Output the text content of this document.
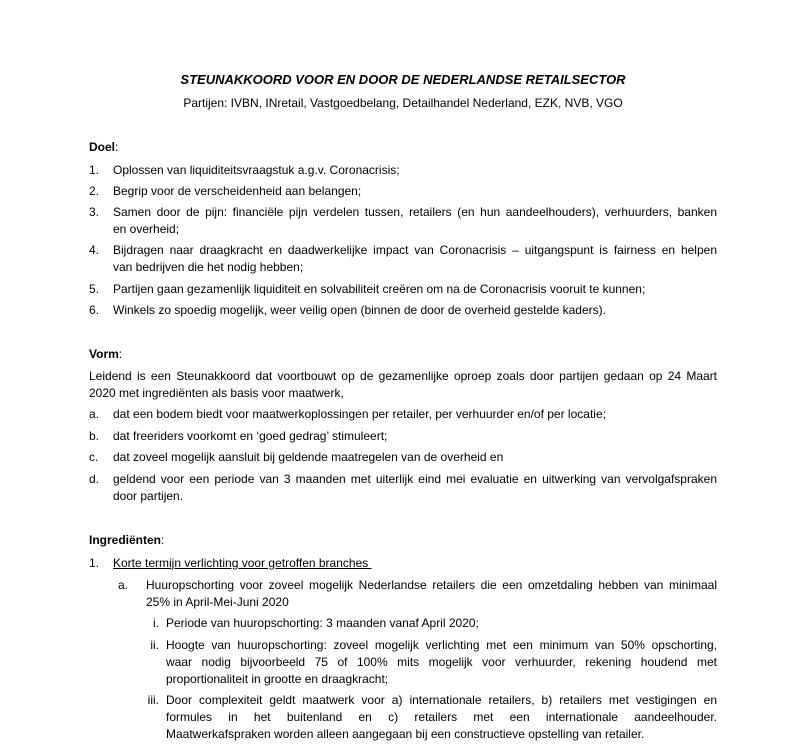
STEUNAKKOORD VOOR EN DOOR DE NEDERLANDSE RETAILSECTOR
Partijen: IVBN, INretail, Vastgoedbelang, Detailhandel Nederland, EZK, NVB, VGO
Doel:
1.	Oplossen van liquiditeitsvraagstuk a.g.v. Coronacrisis;
2.	Begrip voor de verscheidenheid aan belangen;
3.	Samen door de pijn: financiële pijn verdelen tussen, retailers (en hun aandeelhouders), verhuurders, banken
en overheid;
4.	Bijdragen naar draagkracht en daadwerkelijke impact van Coronacrisis – uitgangspunt is fairness en helpen
van bedrijven die het nodig hebben;
5.	Partijen gaan gezamenlijk liquiditeit en solvabiliteit creëren om na de Coronacrisis vooruit te kunnen;
6.	Winkels zo spoedig mogelijk, weer veilig open (binnen de door de overheid gestelde kaders).
Vorm:
Leidend is een Steunakkoord dat voortbouwt op de gezamenlijke oproep zoals door partijen gedaan op 24 Maart
2020 met ingrediënten als basis voor maatwerk,
a.	dat een bodem biedt voor maatwerkoplossingen per retailer, per verhuurder en/of per locatie;
b.	dat freeriders voorkomt en ‘goed gedrag’ stimuleert;
c.	dat zoveel mogelijk aansluit bij geldende maatregelen van de overheid en
d.	geldend voor een periode van 3 maanden met uiterlijk eind mei evaluatie en uitwerking van vervolgafspraken
door partijen.
Ingrediënten:
1.	Korte termijn verlichting voor getroffen branches
a.	Huuropschorting voor zoveel mogelijk Nederlandse retailers die een omzetdaling hebben van minimaal
25% in April-Mei-Juni 2020
i. Periode van huuropschorting: 3 maanden vanaf April 2020;
ii. Hoogte van huuropschorting: zoveel mogelijk verlichting met een minimum van 50% opschorting,
waar nodig bijvoorbeeld 75 of 100% mits mogelijk voor verhuurder, rekening houdend met
proportionaliteit in grootte en draagkracht;
iii. Door complexiteit geldt maatwerk voor a) internationale retailers, b) retailers met vestigingen en
formules in het buitenland en c) retailers met een internationale aandeelhouder.
Maatwerkafspraken worden alleen aangegaan bij een constructieve opstelling van retailer.
